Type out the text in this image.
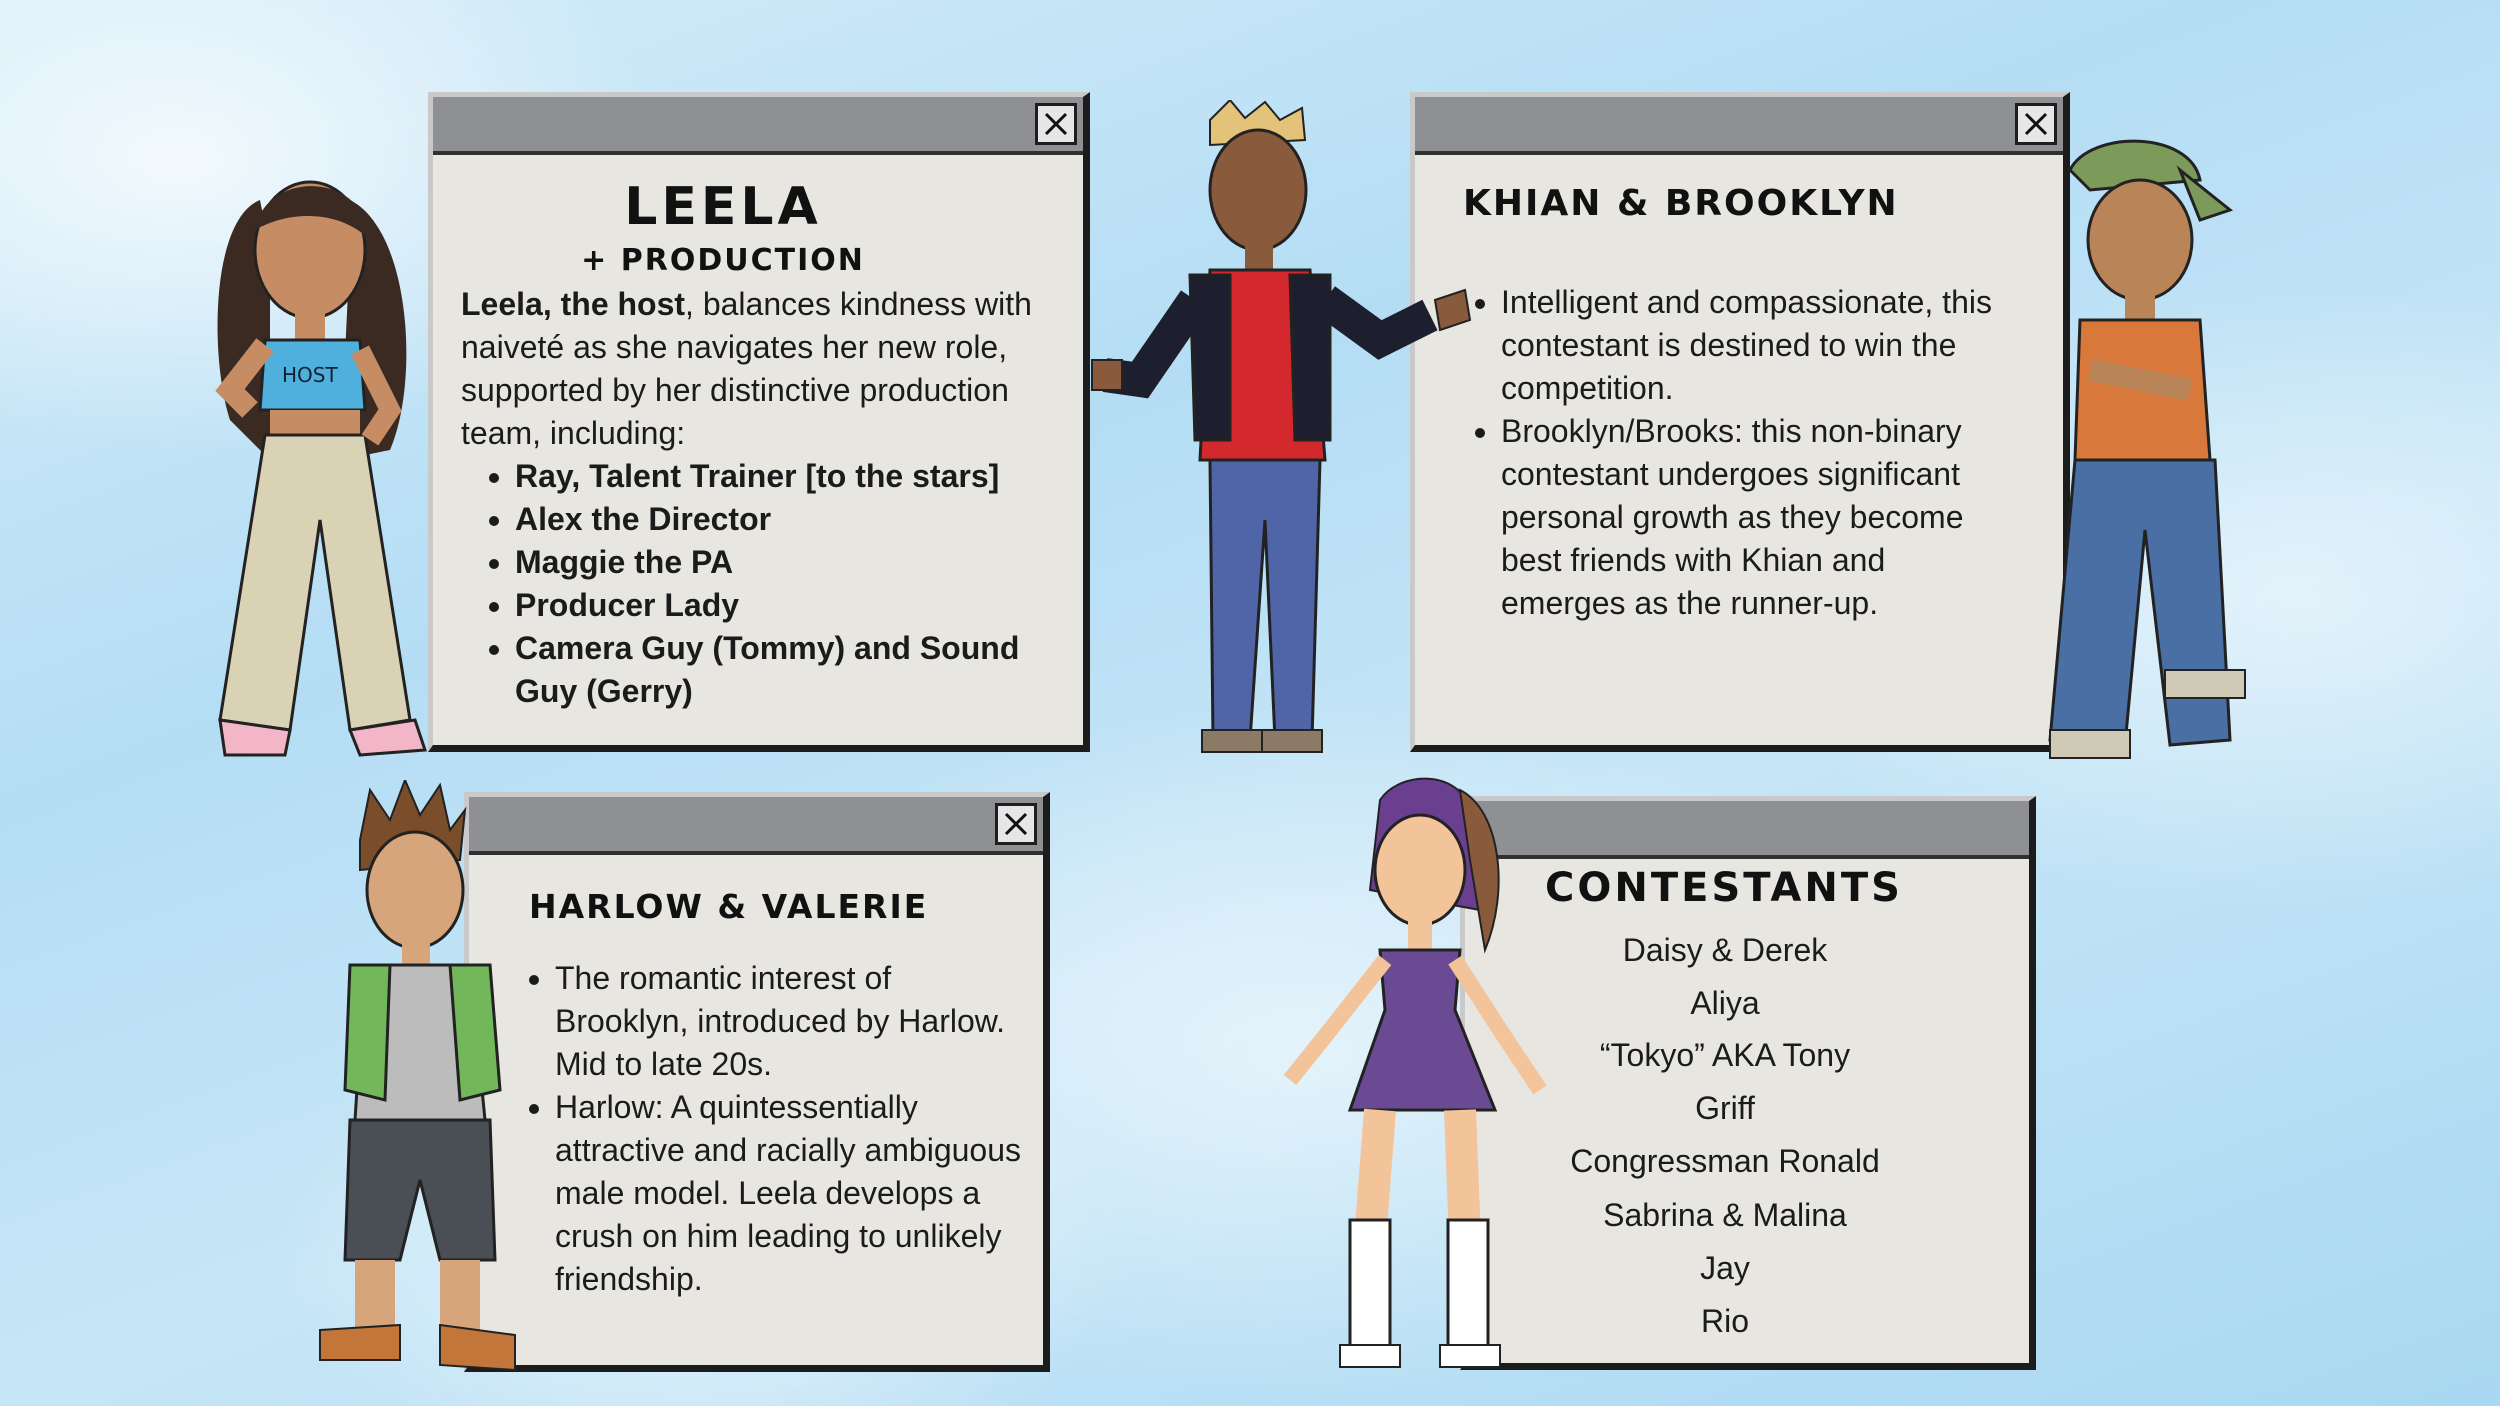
LEELA
+ PRODUCTION
Leela, the host, balances kindness with naiveté as she navigates her new role, supported by her distinctive production team, including:
• Ray, Talent Trainer [to the stars]
• Alex the Director
• Maggie the PA
• Producer Lady
• Camera Guy (Tommy) and Sound Guy (Gerry)
KHIAN & BROOKLYN
• Intelligent and compassionate, this contestant is destined to win the competition.
• Brooklyn/Brooks: this non-binary contestant undergoes significant personal growth as they become best friends with Khian and emerges as the runner-up.
HARLOW & VALERIE
• The romantic interest of Brooklyn, introduced by Harlow. Mid to late 20s.
• Harlow: A quintessentially attractive and racially ambiguous male model. Leela develops a crush on him leading to unlikely friendship.
CONTESTANTS
Daisy & Derek
Aliya
“Tokyo” AKA Tony
Griff
Congressman Ronald
Sabrina & Malina
Jay
Rio
HOST
